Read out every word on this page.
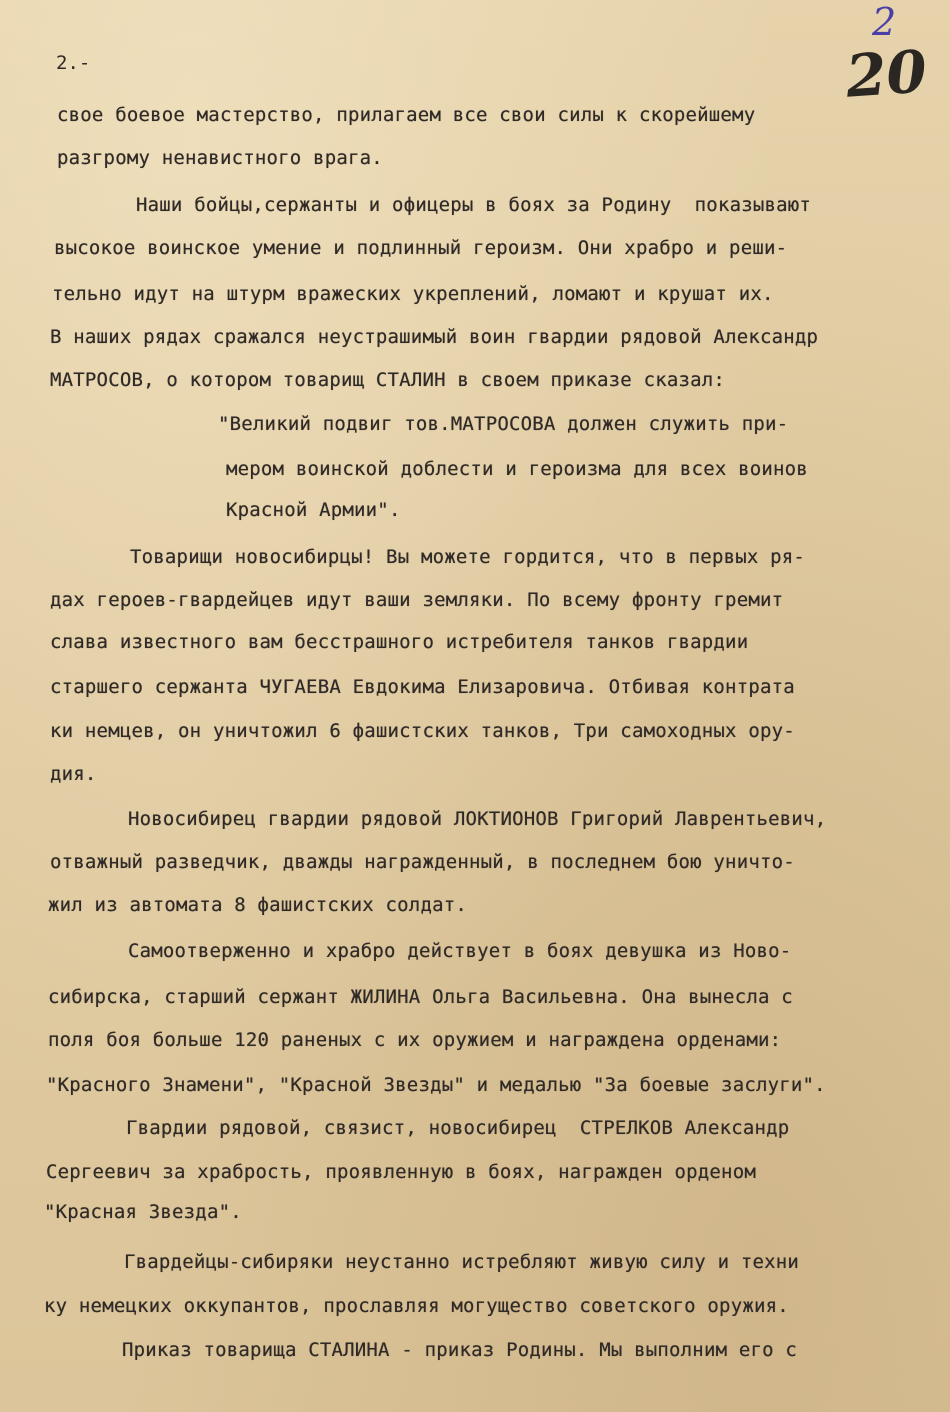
2
20
2.-

свое боевое мастерство, прилагаем все свои силы к скорейшему

разгрому ненавистного врага.

Наши бойцы,сержанты и офицеры в боях за Родину  показывают

высокое воинское умение и подлинный героизм. Они храбро и реши-

тельно идут на штурм вражеских укреплений, ломают и крушат их.

В наших рядах сражался неустрашимый воин гвардии рядовой Александр

МАТРОСОВ, о котором товарищ СТАЛИН в своем приказе сказал:

"Великий подвиг тов.МАТРОСОВА должен служить при-

мером воинской доблести и героизма для всех воинов

Красной Армии".

Товарищи новосибирцы! Вы можете гордится, что в первых ря-

дах героев-гвардейцев идут ваши земляки. По всему фронту гремит

слава известного вам бесстрашного истребителя танков гвардии

старшего сержанта ЧУГАЕВА Евдокима Елизаровича. Отбивая контрата

ки немцев, он уничтожил 6 фашистских танков, Три самоходных ору-

дия.

Новосибирец гвардии рядовой ЛОКТИОНОВ Григорий Лаврентьевич,

отважный разведчик, дважды награжденный, в последнем бою уничто-

жил из автомата 8 фашистских солдат.

Самоотверженно и храбро действует в боях девушка из Ново-

сибирска, старший сержант ЖИЛИНА Ольга Васильевна. Она вынесла с

поля боя больше 120 раненых с их оружием и награждена орденами:

"Красного Знамени", "Красной Звезды" и медалью "За боевые заслуги".

Гвардии рядовой, связист, новосибирец  СТРЕЛКОВ Александр

Сергеевич за храбрость, проявленную в боях, награжден орденом

"Красная Звезда".

Гвардейцы-сибиряки неустанно истребляют живую силу и техни

ку немецких оккупантов, прославляя могущество советского оружия.

Приказ товарища СТАЛИНА - приказ Родины. Мы выполним его с
